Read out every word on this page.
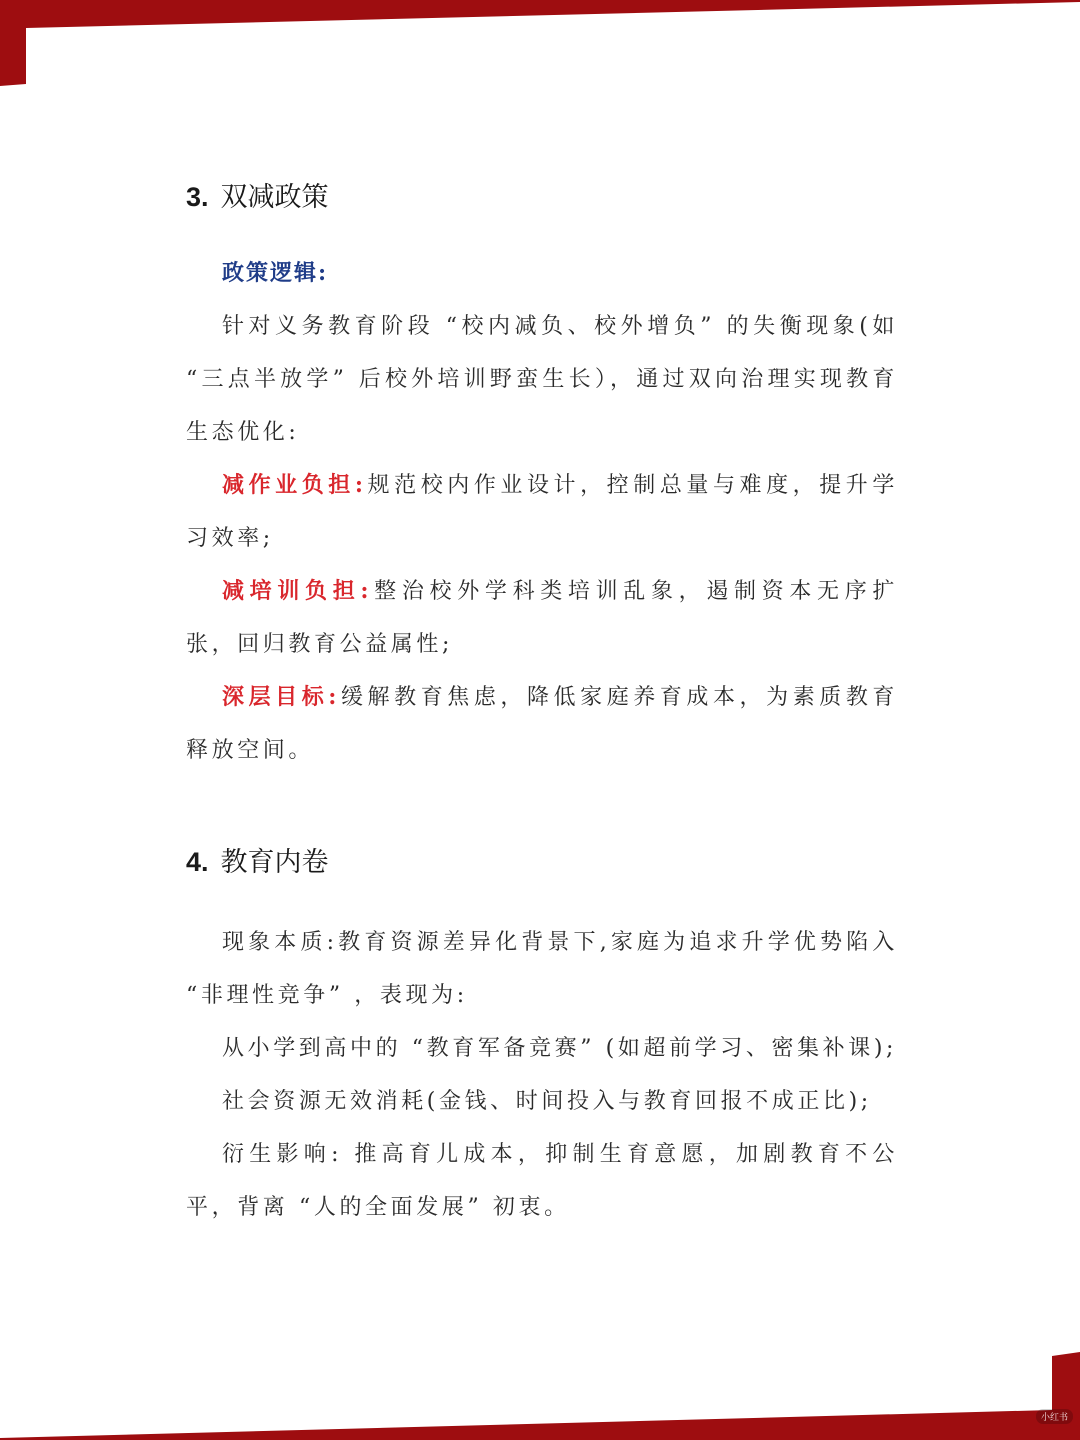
3. 双减政策

政策逻辑:

针对义务教育阶段 “校内减负、校外增负” 的失衡现象(如 “三点半放学” 后校外培训野蛮生长），通过双向治理实现教育生态优化:

减作业负担:规范校内作业设计，控制总量与难度，提升学习效率;

减培训负担:整治校外学科类培训乱象，遏制资本无序扩张，回归教育公益属性;

深层目标:缓解教育焦虑，降低家庭养育成本，为素质教育释放空间。

4. 教育内卷

现象本质:教育资源差异化背景下,家庭为追求升学优势陷入 “非理性竞争” ，表现为:

从小学到高中的 “教育军备竞赛” (如超前学习、密集补课);

社会资源无效消耗(金钱、时间投入与教育回报不成正比);

衍生影响: 推高育儿成本，抑制生育意愿，加剧教育不公平，背离 “人的全面发展” 初衷。

小红书
